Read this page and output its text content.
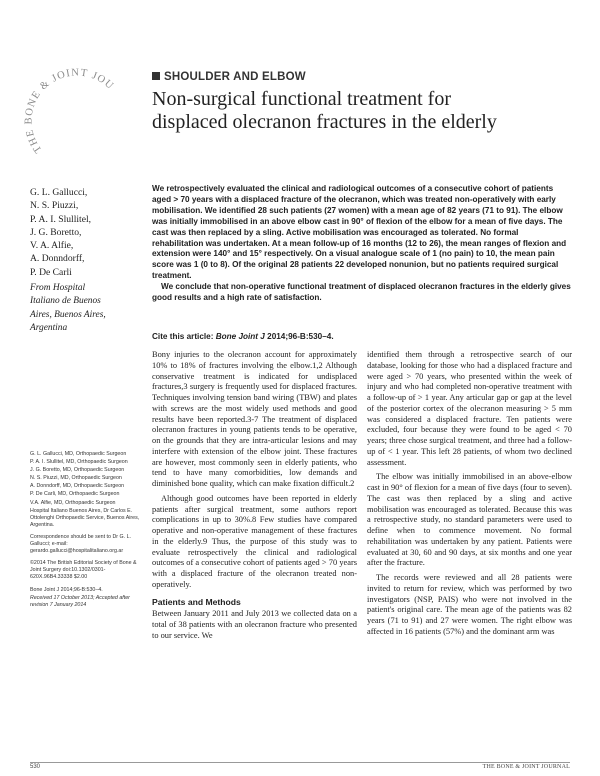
THE BONE & JOINT JOU
SHOULDER AND ELBOW
Non-surgical functional treatment for
displaced olecranon fractures in the elderly
G. L. Gallucci,
N. S. Piuzzi,
P. A. I. Slullitel,
J. G. Boretto,
V. A. Alfie,
A. Donndorff,
P. De Carli
From Hospital
Italiano de Buenos
Aires, Buenos Aires,
Argentina

We retrospectively evaluated the clinical and radiological outcomes of a consecutive cohort of patients aged > 70 years with a displaced fracture of the olecranon, which was treated non-operatively with early mobilisation. We identified 28 such patients (27 women) with a mean age of 82 years (71 to 91). The elbow was initially immobilised in an above elbow cast in 90° of flexion of the elbow for a mean of five days. The cast was then replaced by a sling. Active mobilisation was encouraged as tolerated. No formal rehabilitation was undertaken. At a mean follow-up of 16 months (12 to 26), the mean ranges of flexion and extension were 140° and 15° respectively. On a visual analogue scale of 1 (no pain) to 10, the mean pain score was 1 (0 to 8). Of the original 28 patients 22 developed nonunion, but no patients required surgical treatment.

We conclude that non-operative functional treatment of displaced olecranon fractures in the elderly gives good results and a high rate of satisfaction.

Cite this article: Bone Joint J 2014;96-B:530–4.

Bony injuries to the olecranon account for approximately 10% to 18% of fractures involving the elbow.1,2 Although conservative treatment is indicated for undisplaced fractures,3 surgery is frequently used for displaced fractures. Techniques involving tension band wiring (TBW) and plates with screws are the most widely used methods and good results have been reported.3-7 The treatment of displaced olecranon fractures in young patients tends to be operative, on the grounds that they are intra-articular lesions and may interfere with extension of the elbow joint. These fractures are however, most commonly seen in elderly patients, who tend to have many comorbidities, low demands and diminished bone quality, which can make fixation difficult.2

Although good outcomes have been reported in elderly patients after surgical treatment, some authors report complications in up to 30%.8 Few studies have compared operative and non-operative management of these fractures in the elderly.9 Thus, the purpose of this study was to evaluate retrospectively the clinical and radiological outcomes of a consecutive cohort of patients aged > 70 years with a displaced fracture of the olecranon treated non-operatively.

Patients and Methods

Between January 2011 and July 2013 we collected data on a total of 38 patients with an olecranon fracture who presented to our service. We

identified them through a retrospective search of our database, looking for those who had a displaced fracture and were aged > 70 years, who presented within the week of injury and who had completed non-operative treatment with a follow-up of > 1 year. Any articular gap or gap at the level of the posterior cortex of the olecranon measuring > 5 mm was considered a displaced fracture. Ten patients were excluded, four because they were found to be aged < 70 years; three chose surgical treatment, and three had a follow-up of < 1 year. This left 28 patients, of whom two declined assessment.

The elbow was initially immobilised in an above-elbow cast in 90° of flexion for a mean of five days (four to seven). The cast was then replaced by a sling and active mobilisation was encouraged as tolerated. Because this was a retrospective study, no standard parameters were used to define when to commence movement. No formal rehabilitation was undertaken by any patient. Patients were evaluated at 30, 60 and 90 days, at six months and one year after the fracture.

The records were reviewed and all 28 patients were invited to return for review, which was performed by two investigators (NSP, PAIS) who were not involved in the patient's original care. The mean age of the patients was 82 years (71 to 91) and 27 were women. The right elbow was affected in 16 patients (57%) and the dominant arm was

G. L. Gallucci, MD, Orthopaedic Surgeon

P. A. I. Slullitel, MD, Orthopaedic Surgeon

J. G. Boretto, MD, Orthopaedic Surgeon

N. S. Piuzzi, MD, Orthopaedic Surgeon

A. Donndorff, MD, Orthopaedic Surgeon

P. De Carli, MD, Orthopaedic Surgeon

V.A. Alfie, MD, Orthopaedic Surgeon

Hospital Italiano Buenos Aires, Dr Carlos E. Ottolenghi Orthopaedic Service, Buenos Aires, Argentina.

Correspondence should be sent to Dr G. L. Gallucci; e-mail: gerardo.gallucci@hospitalitaliano.org.ar

©2014 The British Editorial Society of Bone & Joint Surgery doi:10.1302/0301-620X.96B4.33338 $2.00

Bone Joint J 2014;96-B:530–4.

Received 17 October 2013; Accepted after revision 7 January 2014

530	THE BONE & JOINT JOURNAL
